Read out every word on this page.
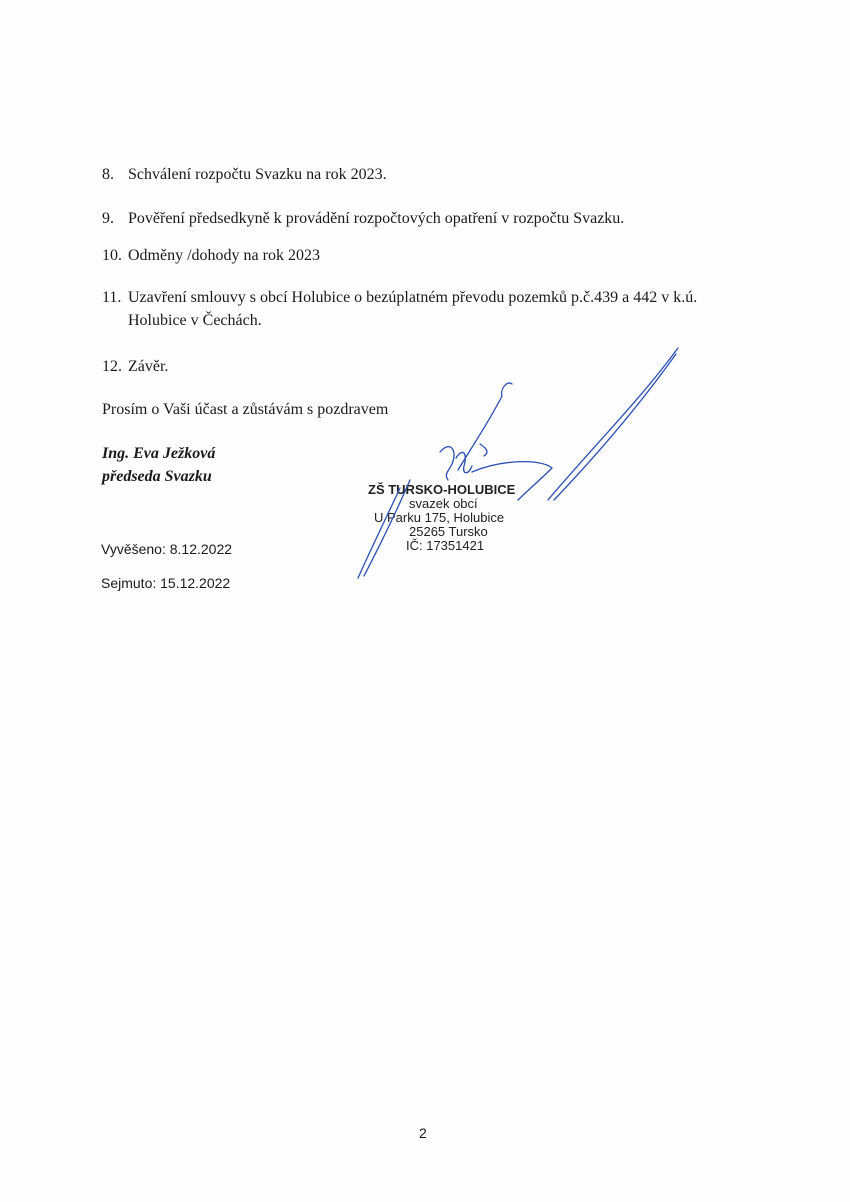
8. Schválení rozpočtu Svazku na rok 2023.
9. Pověření předsedkyně k provádění rozpočtových opatření v rozpočtu Svazku.
10. Odměny /dohody na rok 2023
11. Uzavření smlouvy s obcí Holubice o bezúplatném převodu pozemků p.č.439 a 442 v k.ú.
Holubice v Čechách.
12. Závěr.
Prosím o Vaši účast a zůstávám s pozdravem
Ing. Eva Ježková
předseda Svazku
ZŠ TURSKO-HOLUBICE
svazek obcí
U Parku 175, Holubice
25265 Tursko
IČ: 17351421
Vyvěšeno: 8.12.2022
Sejmuto: 15.12.2022
2
